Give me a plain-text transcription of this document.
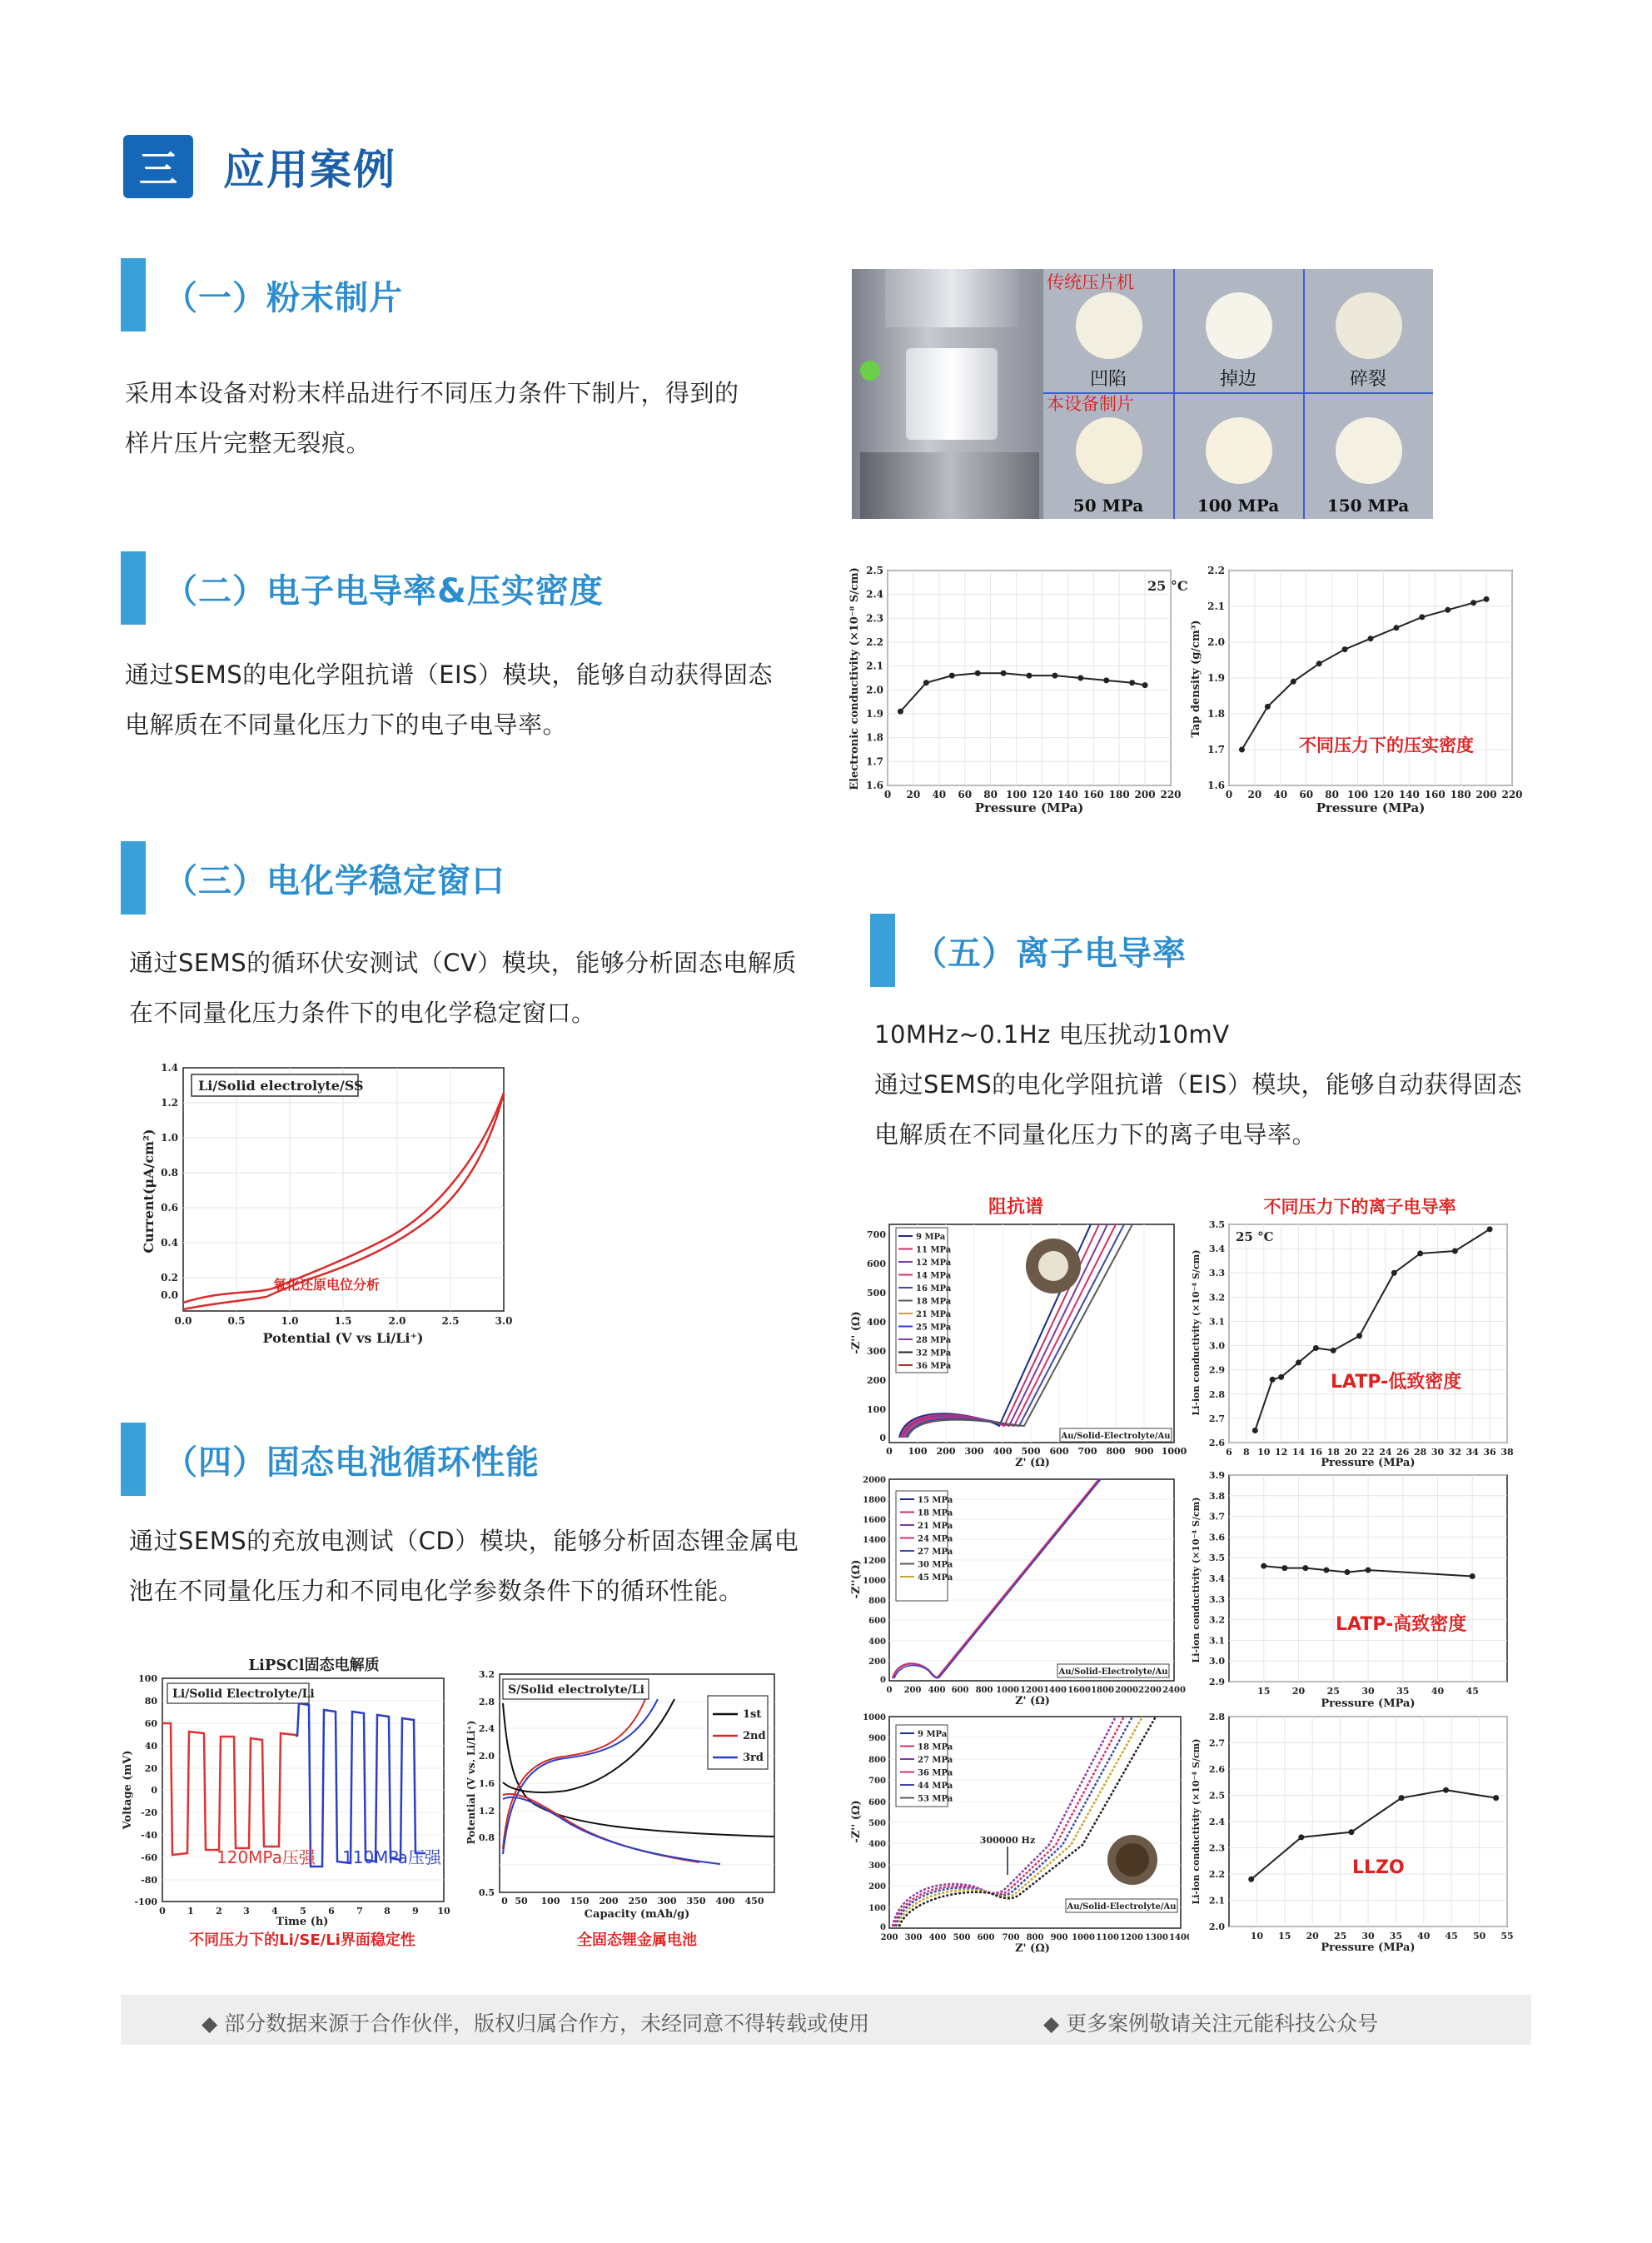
三	应用案例
（一）粉末制片
采用本设备对粉末样品进行不同压力条件下制片，得到的
样片压片完整无裂痕。
（二）电子电导率&压实密度
通过SEMS的电化学阻抗谱（EIS）模块，能够自动获得固态
电解质在不同量化压力下的电子电导率。
（三）电化学稳定窗口
通过SEMS的循环伏安测试（CV）模块，能够分析固态电解质
在不同量化压力条件下的电化学稳定窗口。
（四）固态电池循环性能
通过SEMS的充放电测试（CD）模块，能够分析固态锂金属电
池在不同量化压力和不同电化学参数条件下的循环性能。
（五）离子电导率
10MHz~0.1Hz 电压扰动10mV
通过SEMS的电化学阻抗谱（EIS）模块，能够自动获得固态
电解质在不同量化压力下的离子电导率。
凹陷	掉边	碎裂
50 MPa	100 MPa	150 MPa
传统压片机
本设备制片
1.6
1.7
1.8
1.9
2.0
2.1
2.2
2.3
2.4
2.5
0 20 40 60 80 100 120 140 160 180 200 220
25 °C
Pressure (MPa)
Electronic conductivity (×10⁻⁸ S/cm)	1.6
1.7
1.8
1.9
2.0
2.1
2.2
0 20 40 60 80 100 120 140 160 180 200 220
不同压力下的压实密度
Pressure (MPa)
Tap density (g/cm³)
1.4
1.2
1.0
0.8
0.6
0.4
0.2
0.0
0.0	0.5	1.0	1.5	2.0	2.5	3.0
Li/Solid electrolyte/SS
氧化还原电位分析
Potential (V vs Li/Li⁺)
Current(μA/cm²)
LiPSCl固态电解质
100
80
60
40
20
0
-20
-40
-60
-80
-100
0 1 2 3 4 5 6 7 8 9 10
Li/Solid Electrolyte/Li
120MPa压强 110MPa压强
Time (h)
Voltage (mV)
不同压力下的Li/SE/Li界面稳定性
3.2
2.8
2.4
2.0
1.6
1.2
0.8
0.5
0 50 100 150 200 250 300 350 400 450
S/Solid electrolyte/Li
1st
2nd
3rd
Capacity (mAh/g)
Potential (V vs. Li/Li⁺)
全固态锂金属电池
阻抗谱
700
600
500
400
300
200
100
0
0 100 200 300 400 500 600 700 800 900 1000
9 MPa
11 MPa
12 MPa
14 MPa
16 MPa
18 MPa
21 MPa
25 MPa
28 MPa
32 MPa
36 MPa
Au/Solid-Electrolyte/Au
Z' (Ω)
-Z'' (Ω)
不同压力下的离子电导率
2.6
2.7
2.8
2.9
3.0
3.1
3.2
3.3
3.4
3.5
6 8 10 12 14 16 18 20 22 24 26 28 30 32 34 36 38
25 °C
LATP-低致密度
Pressure (MPa)
Li-ion conductivity (×10⁻⁴ S/cm)
2000
1800
1600
1400
1200
1000
800
600
400
200
0
0 200 400 600 800 1000 1200 1400 1600 1800 2000 2200 2400
15 MPa
18 MPa
21 MPa
24 MPa
27 MPa
30 MPa
45 MPa
Au/Solid-Electrolyte/Au
Z' (Ω)
-Z''(Ω)
2.9
3.0
3.1
3.2
3.3
3.4
3.5
3.6
3.7
3.8
3.9
15 20 25 30 35 40 45
LATP-高致密度
Pressure (MPa)
Li-ion conductivity (×10⁻⁴ S/cm)
1000
900
800
700
600
500
400
300
200
100
0
200 300 400 500 600 700 800 900 1000 1100 1200 1300 1400
300000 Hz
9 MPa
18 MPa
27 MPa
36 MPa
44 MPa
53 MPa
Au/Solid-Electrolyte/Au
Z' (Ω)
-Z'' (Ω)
2.0
2.1
2.2
2.3
2.4
2.5
2.6
2.7
2.8
10 15 20 25 30 35 40 45 50 55
LLZO
Pressure (MPa)
Li-ion conductivity (×10⁻⁴ S/cm)
◆ 部分数据来源于合作伙伴，版权归属合作方，未经同意不得转载或使用	◆ 更多案例敬请关注元能科技公众号
